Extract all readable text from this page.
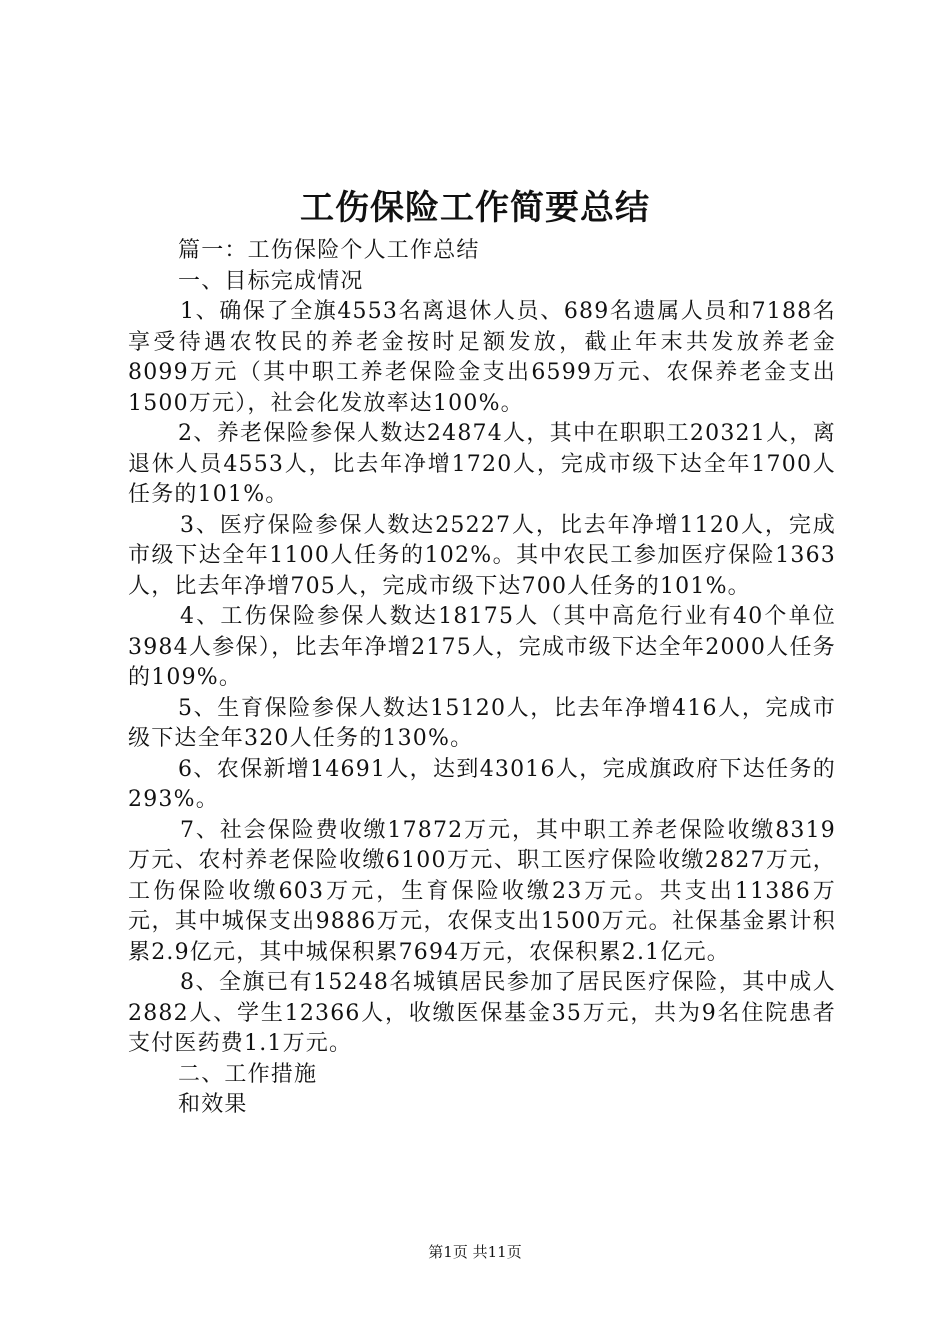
工伤保险工作简要总结

篇一：工伤保险个人工作总结

一、目标完成情况

1、确保了全旗4553名离退休人员、689名遗属人员和7188名享受待遇农牧民的养老金按时足额发放，截止年末共发放养老金8099万元（其中职工养老保险金支出6599万元、农保养老金支出1500万元），社会化发放率达100%。

2、养老保险参保人数达24874人，其中在职职工20321人，离退休人员4553人，比去年净增1720人，完成市级下达全年1700人任务的101%。

3、医疗保险参保人数达25227人，比去年净增1120人，完成市级下达全年1100人任务的102%。其中农民工参加医疗保险1363人，比去年净增705人，完成市级下达700人任务的101%。

4、工伤保险参保人数达18175人（其中高危行业有40个单位3984人参保），比去年净增2175人，完成市级下达全年2000人任务的109%。

5、生育保险参保人数达15120人，比去年净增416人，完成市级下达全年320人任务的130%。

6、农保新增14691人，达到43016人，完成旗政府下达任务的293%。

7、社会保险费收缴17872万元，其中职工养老保险收缴8319万元、农村养老保险收缴6100万元、职工医疗保险收缴2827万元，工伤保险收缴603万元，生育保险收缴23万元。共支出11386万元，其中城保支出9886万元，农保支出1500万元。社保基金累计积累2.9亿元，其中城保积累7694万元，农保积累2.1亿元。

8、全旗已有15248名城镇居民参加了居民医疗保险，其中成人2882人、学生12366人，收缴医保基金35万元，共为9名住院患者支付医药费1.1万元。

二、工作措施

和效果

第1页 共11页
